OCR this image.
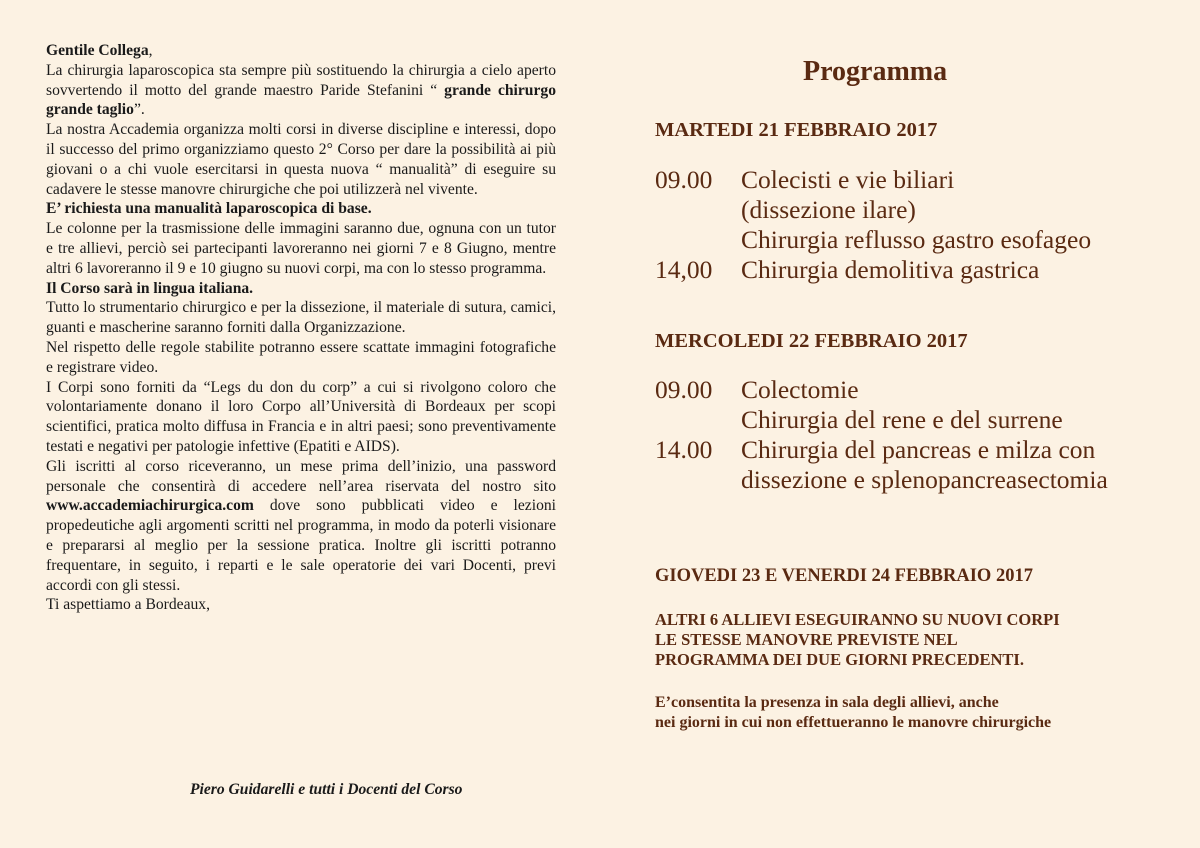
Gentile Collega,

La chirurgia laparoscopica sta sempre più sostituendo la chirurgia a cielo aperto sovvertendo il motto del grande maestro Paride Stefanini “ grande chirurgo grande taglio”.

La nostra Accademia organizza molti corsi in diverse discipline e interessi, dopo il successo del primo organizziamo questo 2° Corso per dare la possibilità ai più giovani o a chi vuole esercitarsi in questa nuova “ manualità” di eseguire su cadavere le stesse manovre chirurgiche che poi utilizzerà nel vivente.

E’ richiesta una manualità laparoscopica di base.

Le colonne per la trasmissione delle immagini saranno due, ognuna con un tutor e tre allievi, perciò sei partecipanti lavoreranno nei giorni 7 e 8 Giugno, mentre altri 6 lavoreranno il 9 e 10 giugno su nuovi corpi, ma con lo stesso programma.

Il Corso sarà in lingua italiana.

Tutto lo strumentario chirurgico e per la dissezione, il materiale di sutura, camici, guanti e mascherine saranno forniti dalla Organizzazione.

Nel rispetto delle regole stabilite potranno essere scattate immagini fotografiche e registrare video.

I Corpi sono forniti da “Legs du don du corp” a cui si rivolgono coloro che volontariamente donano il loro Corpo all’Università di Bordeaux per scopi scientifici, pratica molto diffusa in Francia e in altri paesi; sono preventivamente testati e negativi per patologie infettive (Epatiti e AIDS).

Gli iscritti al corso riceveranno, un mese prima dell’inizio, una password personale che consentirà di accedere nell’area riservata del nostro sito www.accademiachirurgica.com dove sono pubblicati video e lezioni propedeutiche agli argomenti scritti nel programma, in modo da poterli visionare e prepararsi al meglio per la sessione pratica. Inoltre gli iscritti potranno frequentare, in seguito, i reparti e le sale operatorie dei vari Docenti, previ accordi con gli stessi.

Ti aspettiamo a Bordeaux,

Piero Guidarelli e tutti i Docenti del Corso
Programma
MARTEDI 21 FEBBRAIO 2017
09.00 Colecisti e vie biliari
(dissezione ilare)
Chirurgia reflusso gastro esofageo
14,00 Chirurgia demolitiva gastrica
MERCOLEDI 22 FEBBRAIO 2017
09.00 Colectomie
Chirurgia del rene e del surrene
14.00 Chirurgia del pancreas e milza con
dissezione e splenopancreasectomia
GIOVEDI 23 E VENERDI 24 FEBBRAIO 2017
ALTRI 6 ALLIEVI ESEGUIRANNO SU NUOVI CORPI
LE STESSE MANOVRE PREVISTE NEL
PROGRAMMA DEI DUE GIORNI PRECEDENTI.
E’consentita la presenza in sala degli allievi, anche
nei giorni in cui non effettueranno le manovre chirurgiche
